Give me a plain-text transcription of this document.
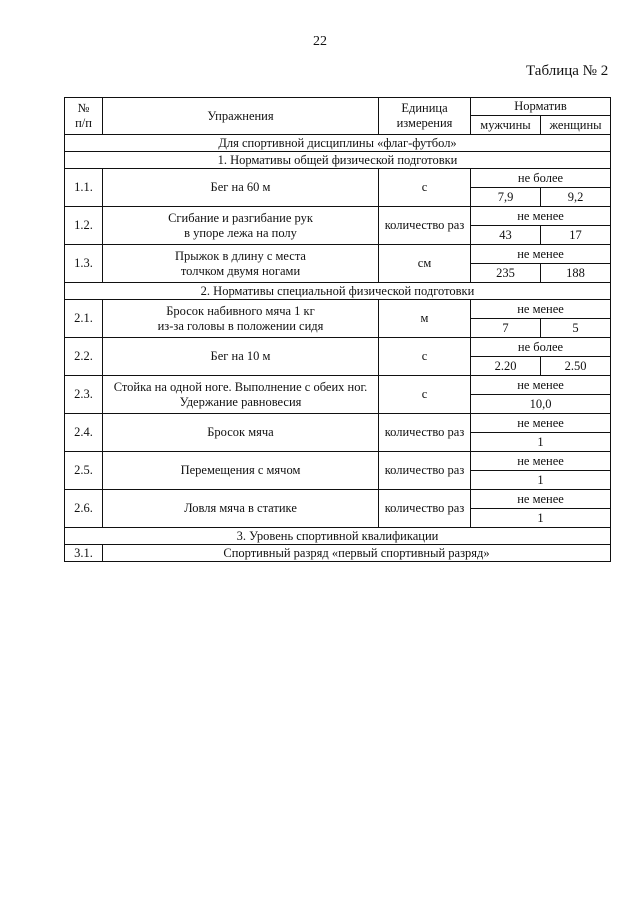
22
Таблица № 2
№
п/п	Упражнения	Единица
измерения	Норматив	
			мужчины	женщины
Для спортивной дисциплины «флаг-футбол»				
1. Нормативы общей физической подготовки				
1.1.	Бег на 60 м	с	не более	
			7,9	9,2
1.2.	Сгибание и разгибание рук
в упоре лежа на полу	количество раз	не менее	
			43	17
1.3.	Прыжок в длину с места
толчком двумя ногами	см	не менее	
			235	188
2. Нормативы специальной физической подготовки				
2.1.	Бросок набивного мяча 1 кг
из-за головы в положении сидя	м	не менее	
			7	5
2.2.	Бег на 10 м	с	не более	
			2.20	2.50
2.3.	Стойка на одной ноге. Выполнение с обеих ног.
Удержание равновесия	с	не менее	
			10,0	
2.4.	Бросок мяча	количество раз	не менее	
			1	
2.5.	Перемещения с мячом	количество раз	не менее	
			1	
2.6.	Ловля мяча в статике	количество раз	не менее	
			1	
3. Уровень спортивной квалификации				
3.1.	Спортивный разряд «первый спортивный разряд»			
